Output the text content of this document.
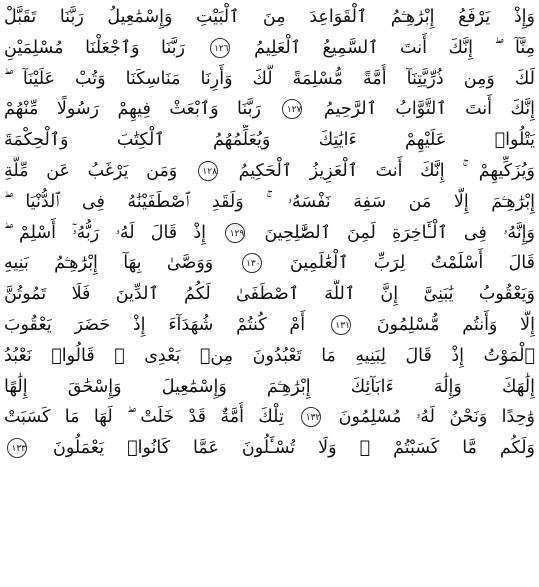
وَإِذْ يَرْفَعُ إِبْرَٰهِـۧمُ ٱلْقَوَاعِدَ مِنَ ٱلْبَيْتِ وَإِسْمَٰعِيلُ رَبَّنَا تَقَبَّلْ
مِنَّآ ۖ إِنَّكَ أَنتَ ٱلسَّمِيعُ ٱلْعَلِيمُ ١٢٦ رَبَّنَا وَٱجْعَلْنَا مُسْلِمَيْنِ
لَكَ وَمِن ذُرِّيَّتِنَآ أُمَّةً مُّسْلِمَةً لَّكَ وَأَرِنَا مَنَاسِكَنَا وَتُبْ عَلَيْنَآ ۖ
إِنَّكَ أَنتَ ٱلتَّوَّابُ ٱلرَّحِيمُ ١٢٧ رَبَّنَا وَٱبْعَثْ فِيهِمْ رَسُولًا مِّنْهُمْ
يَتْلُوا۟ عَلَيْهِمْ ءَايَٰتِكَ وَيُعَلِّمُهُمُ ٱلْكِتَٰبَ وَٱلْحِكْمَةَ
وَيُزَكِّيهِمْ ۚ إِنَّكَ أَنتَ ٱلْعَزِيزُ ٱلْحَكِيمُ ١٢٨ وَمَن يَرْغَبُ عَن مِّلَّةِ
إِبْرَٰهِـۧمَ إِلَّا مَن سَفِهَ نَفْسَهُۥ ۚ وَلَقَدِ ٱصْطَفَيْنَٰهُ فِى ٱلدُّنْيَا ۖ
وَإِنَّهُۥ فِى ٱلْـَٔاخِرَةِ لَمِنَ ٱلصَّٰلِحِينَ ١٢٩ إِذْ قَالَ لَهُۥ رَبُّهُۥٓ أَسْلِمْ ۖ
قَالَ أَسْلَمْتُ لِرَبِّ ٱلْعَٰلَمِينَ ١٣٠ وَوَصَّىٰ بِهَآ إِبْرَٰهِـۧمُ بَنِيهِ
وَيَعْقُوبُ يَٰبَنِىَّ إِنَّ ٱللَّهَ ٱصْطَفَىٰ لَكُمُ ٱلدِّينَ فَلَا تَمُوتُنَّ
إِلَّا وَأَنتُم مُّسْلِمُونَ ١٣١ أَمْ كُنتُمْ شُهَدَآءَ إِذْ حَضَرَ يَعْقُوبَ
ٱلْمَوْتُ إِذْ قَالَ لِبَنِيهِ مَا تَعْبُدُونَ مِنۢ بَعْدِى ۖ قَالُوا۟ نَعْبُدُ
إِلَٰهَكَ وَإِلَٰهَ ءَابَآئِكَ إِبْرَٰهِـۧمَ وَإِسْمَٰعِيلَ وَإِسْحَٰقَ إِلَٰهًا
وَٰحِدًا وَنَحْنُ لَهُۥ مُسْلِمُونَ ١٣٢ تِلْكَ أُمَّةٌ قَدْ خَلَتْ ۖ لَهَا مَا كَسَبَتْ
وَلَكُم مَّا كَسَبْتُمْ ۖ وَلَا تُسْـَٔلُونَ عَمَّا كَانُوا۟ يَعْمَلُونَ ١٣٣
